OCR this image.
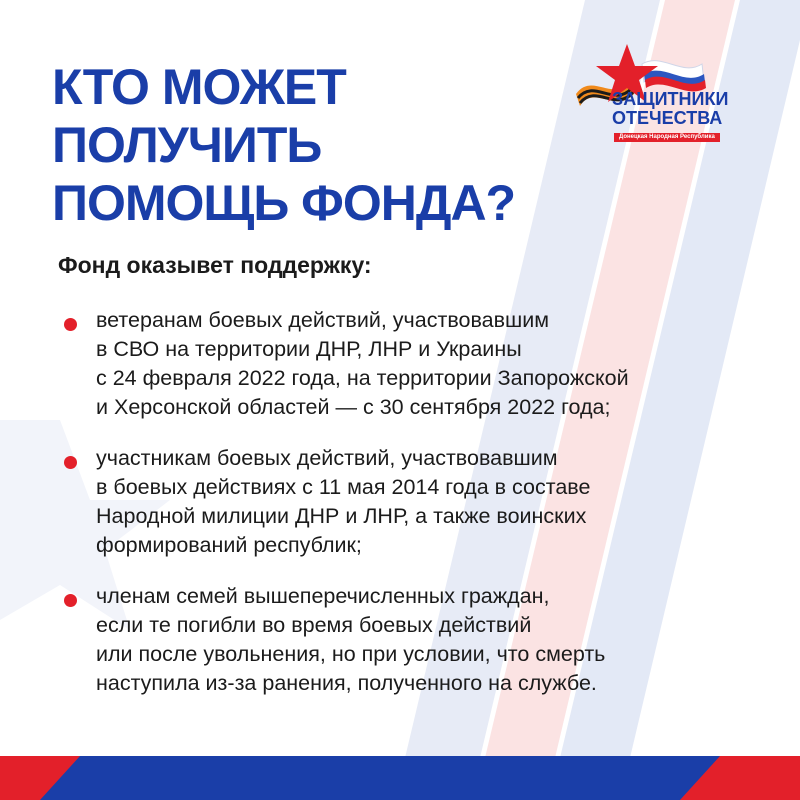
КТО МОЖЕТ
ПОЛУЧИТЬ
ПОМОЩЬ ФОНДА?
ЗАЩИТНИКИ
ОТЕЧЕСТВА
Донецкая Народная Республика

Фонд оказывет поддержку:

ветеранам боевых действий, участвовавшим
в СВО на территории ДНР, ЛНР и Украины
с 24 февраля 2022 года, на территории Запорожской
и Херсонской областей — с 30 сентября 2022 года;
участникам боевых действий, участвовавшим
в боевых действиях с 11 мая 2014 года в составе
Народной милиции ДНР и ЛНР, а также воинских
формирований республик;
членам семей вышеперечисленных граждан,
если те погибли во время боевых действий
или после увольнения, но при условии, что смерть
наступила из-за ранения, полученного на службе.
